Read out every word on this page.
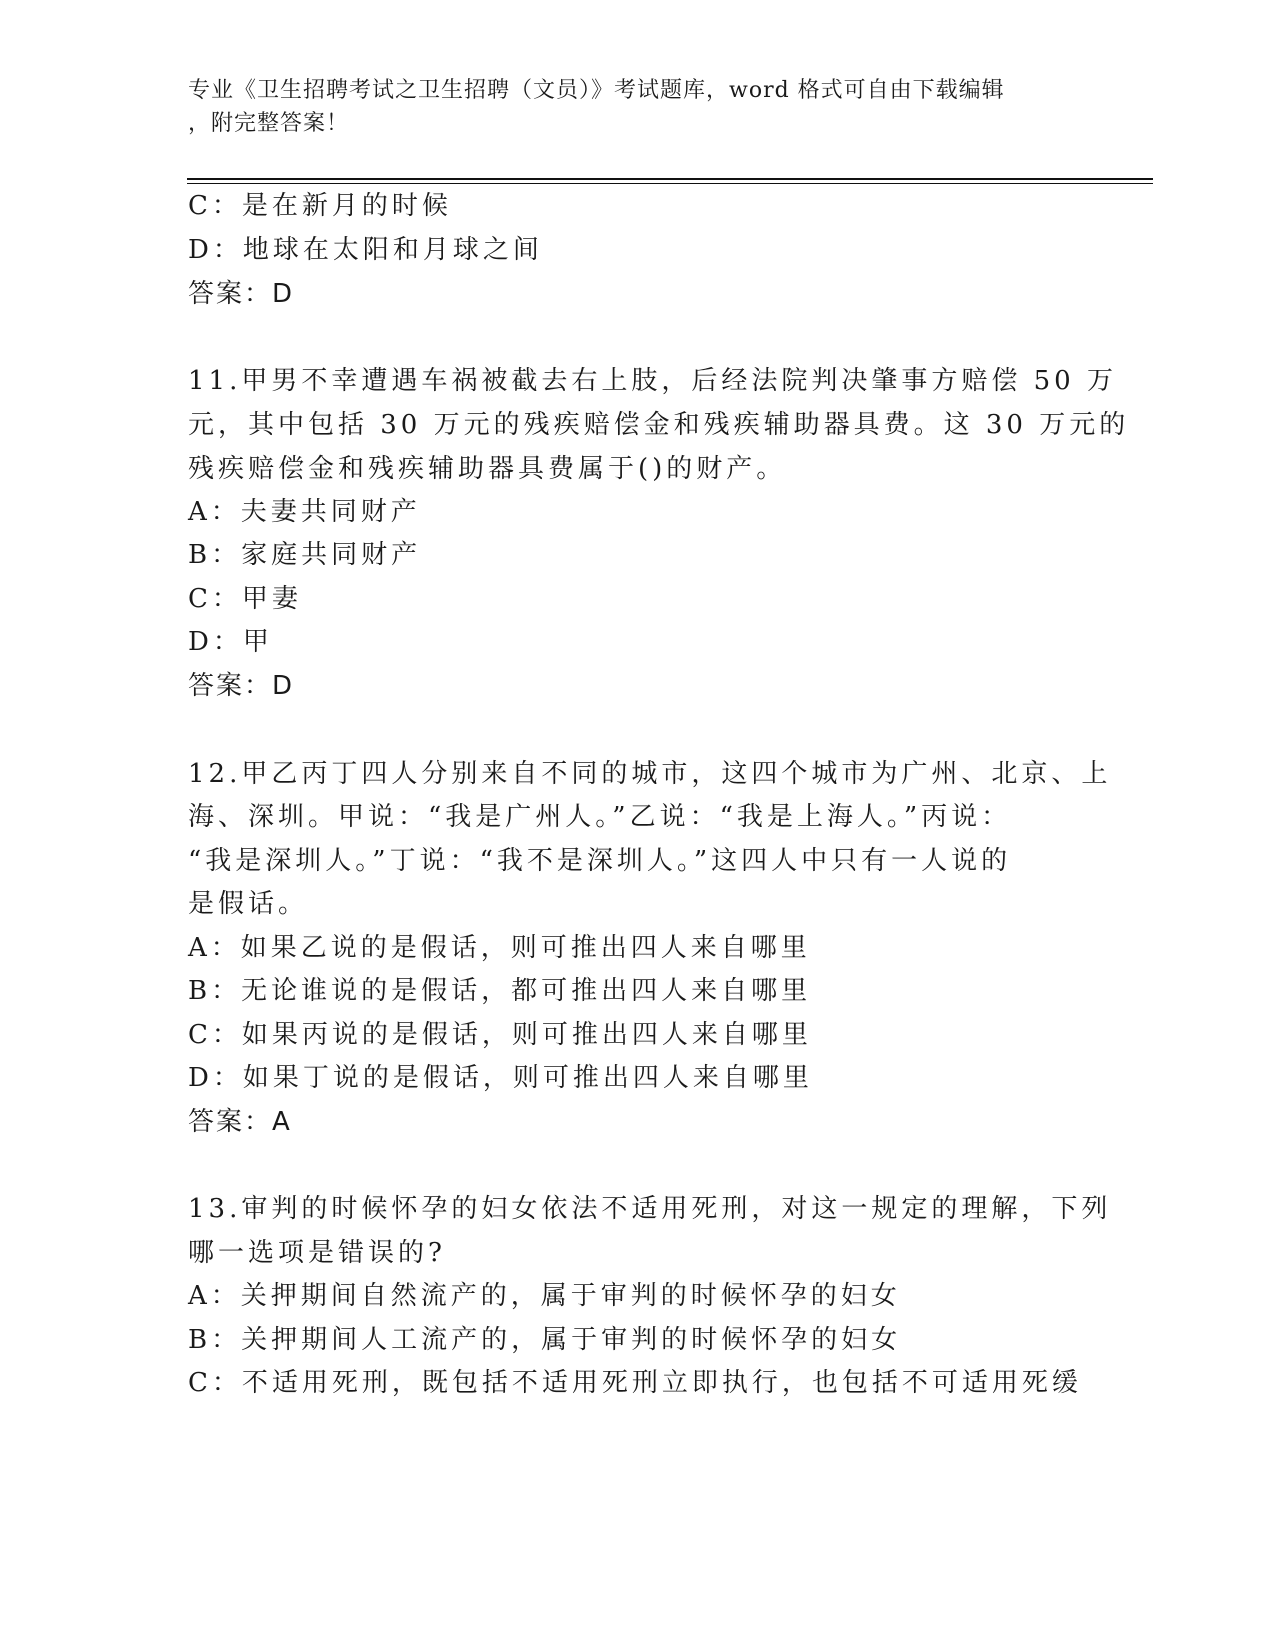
专业《卫生招聘考试之卫生招聘（文员）》考试题库，word 格式可自由下载编辑
，附完整答案！
C：是在新月的时候
D：地球在太阳和月球之间
答案：D
11.甲男不幸遭遇车祸被截去右上肢，后经法院判决肇事方赔偿 50 万
元，其中包括 30 万元的残疾赔偿金和残疾辅助器具费。这 30 万元的
残疾赔偿金和残疾辅助器具费属于()的财产。
A：夫妻共同财产
B：家庭共同财产
C：甲妻
D：甲
答案：D
12.甲乙丙丁四人分别来自不同的城市，这四个城市为广州、北京、上
海、深圳。甲说：“我是广州人。”乙说：“我是上海人。”丙说：
“我是深圳人。”丁说：“我不是深圳人。”这四人中只有一人说的
是假话。
A：如果乙说的是假话，则可推出四人来自哪里
B：无论谁说的是假话，都可推出四人来自哪里
C：如果丙说的是假话，则可推出四人来自哪里
D：如果丁说的是假话，则可推出四人来自哪里
答案：A
13.审判的时候怀孕的妇女依法不适用死刑，对这一规定的理解，下列
哪一选项是错误的?
A：关押期间自然流产的，属于审判的时候怀孕的妇女
B：关押期间人工流产的，属于审判的时候怀孕的妇女
C：不适用死刑，既包括不适用死刑立即执行，也包括不可适用死缓
